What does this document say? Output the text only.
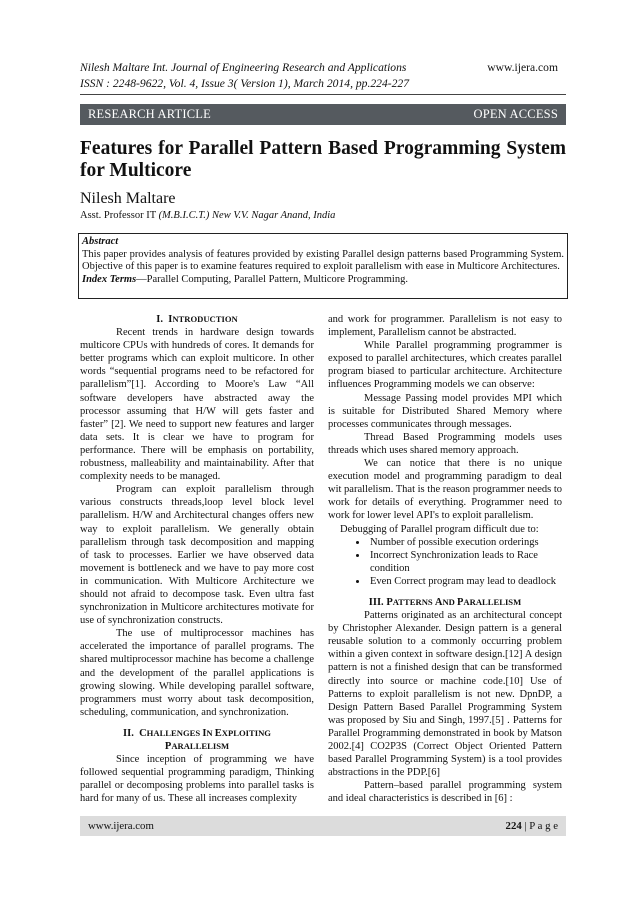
Nilesh Maltare Int. Journal of Engineering Research and Applications
ISSN : 2248-9622, Vol. 4, Issue 3( Version 1), March 2014, pp.224-227
www.ijera.com
RESEARCH ARTICLE	OPEN ACCESS
Features for Parallel Pattern Based Programming System for Multicore
Nilesh Maltare
Asst. Professor IT (M.B.I.C.T.) New V.V. Nagar Anand, India
Abstract
This paper provides analysis of features provided by existing Parallel design patterns based Programming System. Objective of this paper is to examine features required to exploit parallelism with ease in Multicore Architectures.
Index Terms—Parallel Computing, Parallel Pattern, Multicore Programming.

I. INTRODUCTION

Recent trends in hardware design towards multicore CPUs with hundreds of cores. It demands for better programs which can exploit multicore. In other words “sequential programs need to be refactored for parallelism”[1]. According to Moore's Law “All software developers have abstracted away the processor assuming that H/W will gets faster and faster” [2]. We need to support new features and larger data sets. It is clear we have to program for performance. There will be emphasis on portability, robustness, malleability and maintainability. After that complexity needs to be managed.

Program can exploit parallelism through various constructs threads,loop level block level parallelism. H/W and Architectural changes offers new way to exploit parallelism. We generally obtain parallelism through task decomposition and mapping of task to processes. Earlier we have observed data movement is bottleneck and we have to pay more cost in communication. With Multicore Architecture we should not afraid to decompose task. Even ultra fast synchronization in Multicore architectures motivate for use of synchronization constructs.

The use of multiprocessor machines has accelerated the importance of parallel programs. The shared multiprocessor machine has become a challenge and the development of the parallel applications is growing slowing. While developing parallel software, programmers must worry about task decomposition, scheduling, communication, and synchronization.

II. CHALLENGES IN EXPLOITING
PARALLELISM

Since inception of programming we have followed sequential programming paradigm, Thinking parallel or decomposing problems into parallel tasks is hard for many of us. These all increases complexity

and work for programmer. Parallelism is not easy to implement, Parallelism cannot be abstracted.

While Parallel programming programmer is exposed to parallel architectures, which creates parallel program biased to particular architecture. Architecture influences Programming models we can observe:

Message Passing model provides MPI which is suitable for Distributed Shared Memory where processes communicates through messages.

Thread Based Programming models uses threads which uses shared memory approach.

We can notice that there is no unique execution model and programming paradigm to deal wit parallelism. That is the reason programmer needs to work for details of everything. Programmer need to work for lower level API's to exploit parallelism.

Debugging of Parallel program difficult due to:

• Number of possible execution orderings
• Incorrect Synchronization leads to Race condition
• Even Correct program may lead to deadlock

III. PATTERNS AND PARALLELISM

Patterns originated as an architectural concept by Christopher Alexander. Design pattern is a general reusable solution to a commonly occurring problem within a given context in software design.[12] A design pattern is not a finished design that can be transformed directly into source or machine code.[10] Use of Patterns to exploit parallelism is not new. DpnDP, a Design Pattern Based Parallel Programming System was proposed by Siu and Singh, 1997.[5] . Patterns for Parallel Programming demonstrated in book by Matson 2002.[4] CO2P3S (Correct Object Oriented Pattern based Parallel Programming System) is a tool provides abstractions in the PDP.[6]

Pattern–based parallel programming system and ideal characteristics is described in [6] :

www.ijera.com	224 | P a g e
